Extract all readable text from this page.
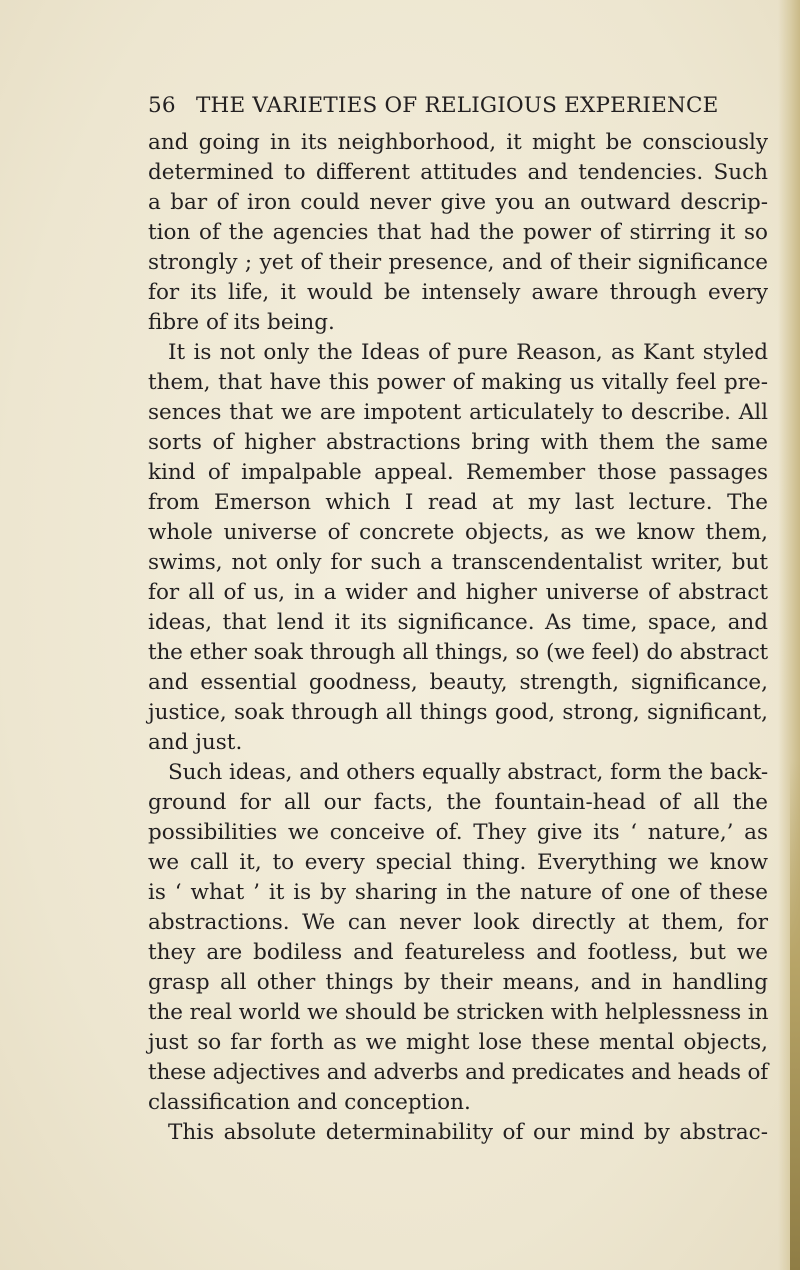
56 THE VARIETIES OF RELIGIOUS EXPERIENCE
and going in its neighborhood, it might be consciously
determined to different attitudes and tendencies. Such
a bar of iron could never give you an outward descrip-
tion of the agencies that had the power of stirring it so
strongly ; yet of their presence, and of their significance
for its life, it would be intensely aware through every
fibre of its being.
It is not only the Ideas of pure Reason, as Kant styled
them, that have this power of making us vitally feel pre-
sences that we are impotent articulately to describe. All
sorts of higher abstractions bring with them the same
kind of impalpable appeal. Remember those passages
from Emerson which I read at my last lecture. The
whole universe of concrete objects, as we know them,
swims, not only for such a transcendentalist writer, but
for all of us, in a wider and higher universe of abstract
ideas, that lend it its significance. As time, space, and
the ether soak through all things, so (we feel) do abstract
and essential goodness, beauty, strength, significance,
justice, soak through all things good, strong, significant,
and just.
Such ideas, and others equally abstract, form the back-
ground for all our facts, the fountain-head of all the
possibilities we conceive of. They give its ‘ nature,’ as
we call it, to every special thing. Everything we know
is ‘ what ’ it is by sharing in the nature of one of these
abstractions. We can never look directly at them, for
they are bodiless and featureless and footless, but we
grasp all other things by their means, and in handling
the real world we should be stricken with helplessness in
just so far forth as we might lose these mental objects,
these adjectives and adverbs and predicates and heads of
classification and conception.
This absolute determinability of our mind by abstrac-
